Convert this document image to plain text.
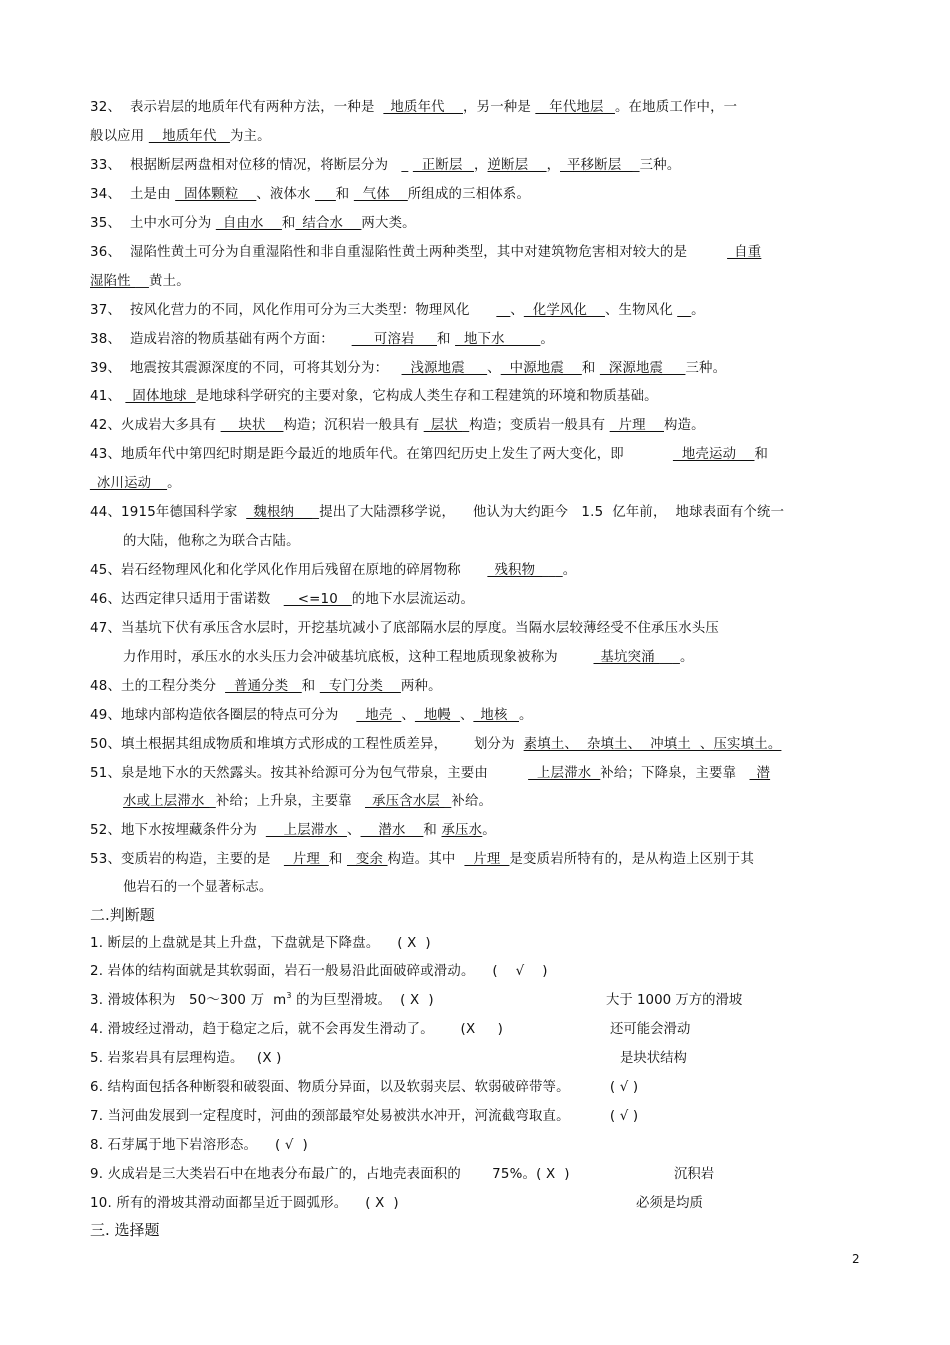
32、  表示岩层的地质年代有两种方法，一种是  _地质年代_ _，另一种是 __年代地层_ 。在地质工作中，一
般以应用    地质年代   为主。
33、  根据断层两盘相对位移的情况，将断层分为   _   正断层 _，逆断层 __，_平移断层 __三种。
34、  土是由   固体颗粒    、液体水 ___和   气体    所组成的三相体系。
35、  土中水可分为 _自由水 __和_结合水 __两大类。
36、  湿陷性黄土可分为自重湿陷性和非自重湿陷性黄土两种类型，其中对建筑物危害相对较大的是         _自重
湿陷性 __黄土。
37、  按风化营力的不同，风化作用可分为三大类型：物理风化      __、  化学风化    、生物风化 __。
38、  造成岩溶的物质基础有两个方面：         可溶岩     和   地下水        。
39、  地震按其震源深度的不同，可将其划分为：     浅源地震     、  中源地震    和   深源地震     三种。
41、 _固体地球  是地球科学研究的主要对象，它构成人类生存和工程建筑的环境和物质基础。
42、火成岩大多具有     块状    构造；沉积岩一般具有 _层状 _构造；变质岩一般具有   片理 __构造。
43、地质年代中第四纪时期是距今最近的地质年代。在第四纪历史上发生了两大变化，即             地壳运动 __和
_冰川运动  _。
44、1915年德国科学家  _魏根纳 ___提出了大陆漂移学说，    他认为大约距今   1.5  亿年前，  地球表面有个统一
的大陆，他称之为联合古陆。
45、岩石经物理风化和化学风化作用后残留在原地的碎屑物称      _残积物____。
46、达西定律只适用于雷诺数   __<=10__的地下水层流运动。
47、当基坑下伏有承压含水层时，开挖基坑减小了底部隔水层的厚度。当隔水层较薄经受不住承压水头压
力作用时，承压水的水头压力会冲破基坑底板，这种工程地质现象被称为        _基坑突涌 ___。
48、土的工程分类分    普通分类   和   专门分类    两种。
49、地球内部构造依各圈层的特点可分为      地壳  、  地幔  、_地核 _。
50、填土根据其组成物质和堆填方式形成的工程性质差异，      划分为  素填土、  杂填土、  冲填土  、压实填土。
51、泉是地下水的天然露头。按其补给源可分为包气带泉，主要由           上层滞水  补给；下降泉，主要靠   _潜
水或上层滞水 _补给；上升泉，主要靠   _承压含水层 _补给。
52、地下水按埋藏条件分为      上层滞水  、    潜水    和 承压水。
53、变质岩的构造，主要的是     片理  和   变余 构造。其中    片理  是变质岩所特有的，是从构造上区别于其
他岩石的一个显著标志。
二.判断题
1. 断层的上盘就是其上升盘，下盘就是下降盘。    ( X  )
2. 岩体的结构面就是其软弱面，岩石一般易沿此面破碎或滑动。    (    √    )
3. 滑坡体积为   50～300 万  $m^3$ 的为巨型滑坡。  ( X  )	大于 1000 万方的滑坡
4. 滑坡经过滑动，趋于稳定之后，就不会再发生滑动了。      (X     )	还可能会滑动
5. 岩浆岩具有层理构造。   (X )	是块状结构
6. 结构面包括各种断裂和破裂面、物质分异面，以及软弱夹层、软弱破碎带等。         ( √ )
7. 当河曲发展到一定程度时，河曲的颈部最窄处易被洪水冲开，河流截弯取直。         ( √ )
8. 石芽属于地下岩溶形态。    ( √  )
9. 火成岩是三大类岩石中在地表分布最广的，占地壳表面积的       75%。( X  )	沉积岩
10. 所有的滑坡其滑动面都呈近于圆弧形。    ( X  )	必须是均质
三. 选择题
2
